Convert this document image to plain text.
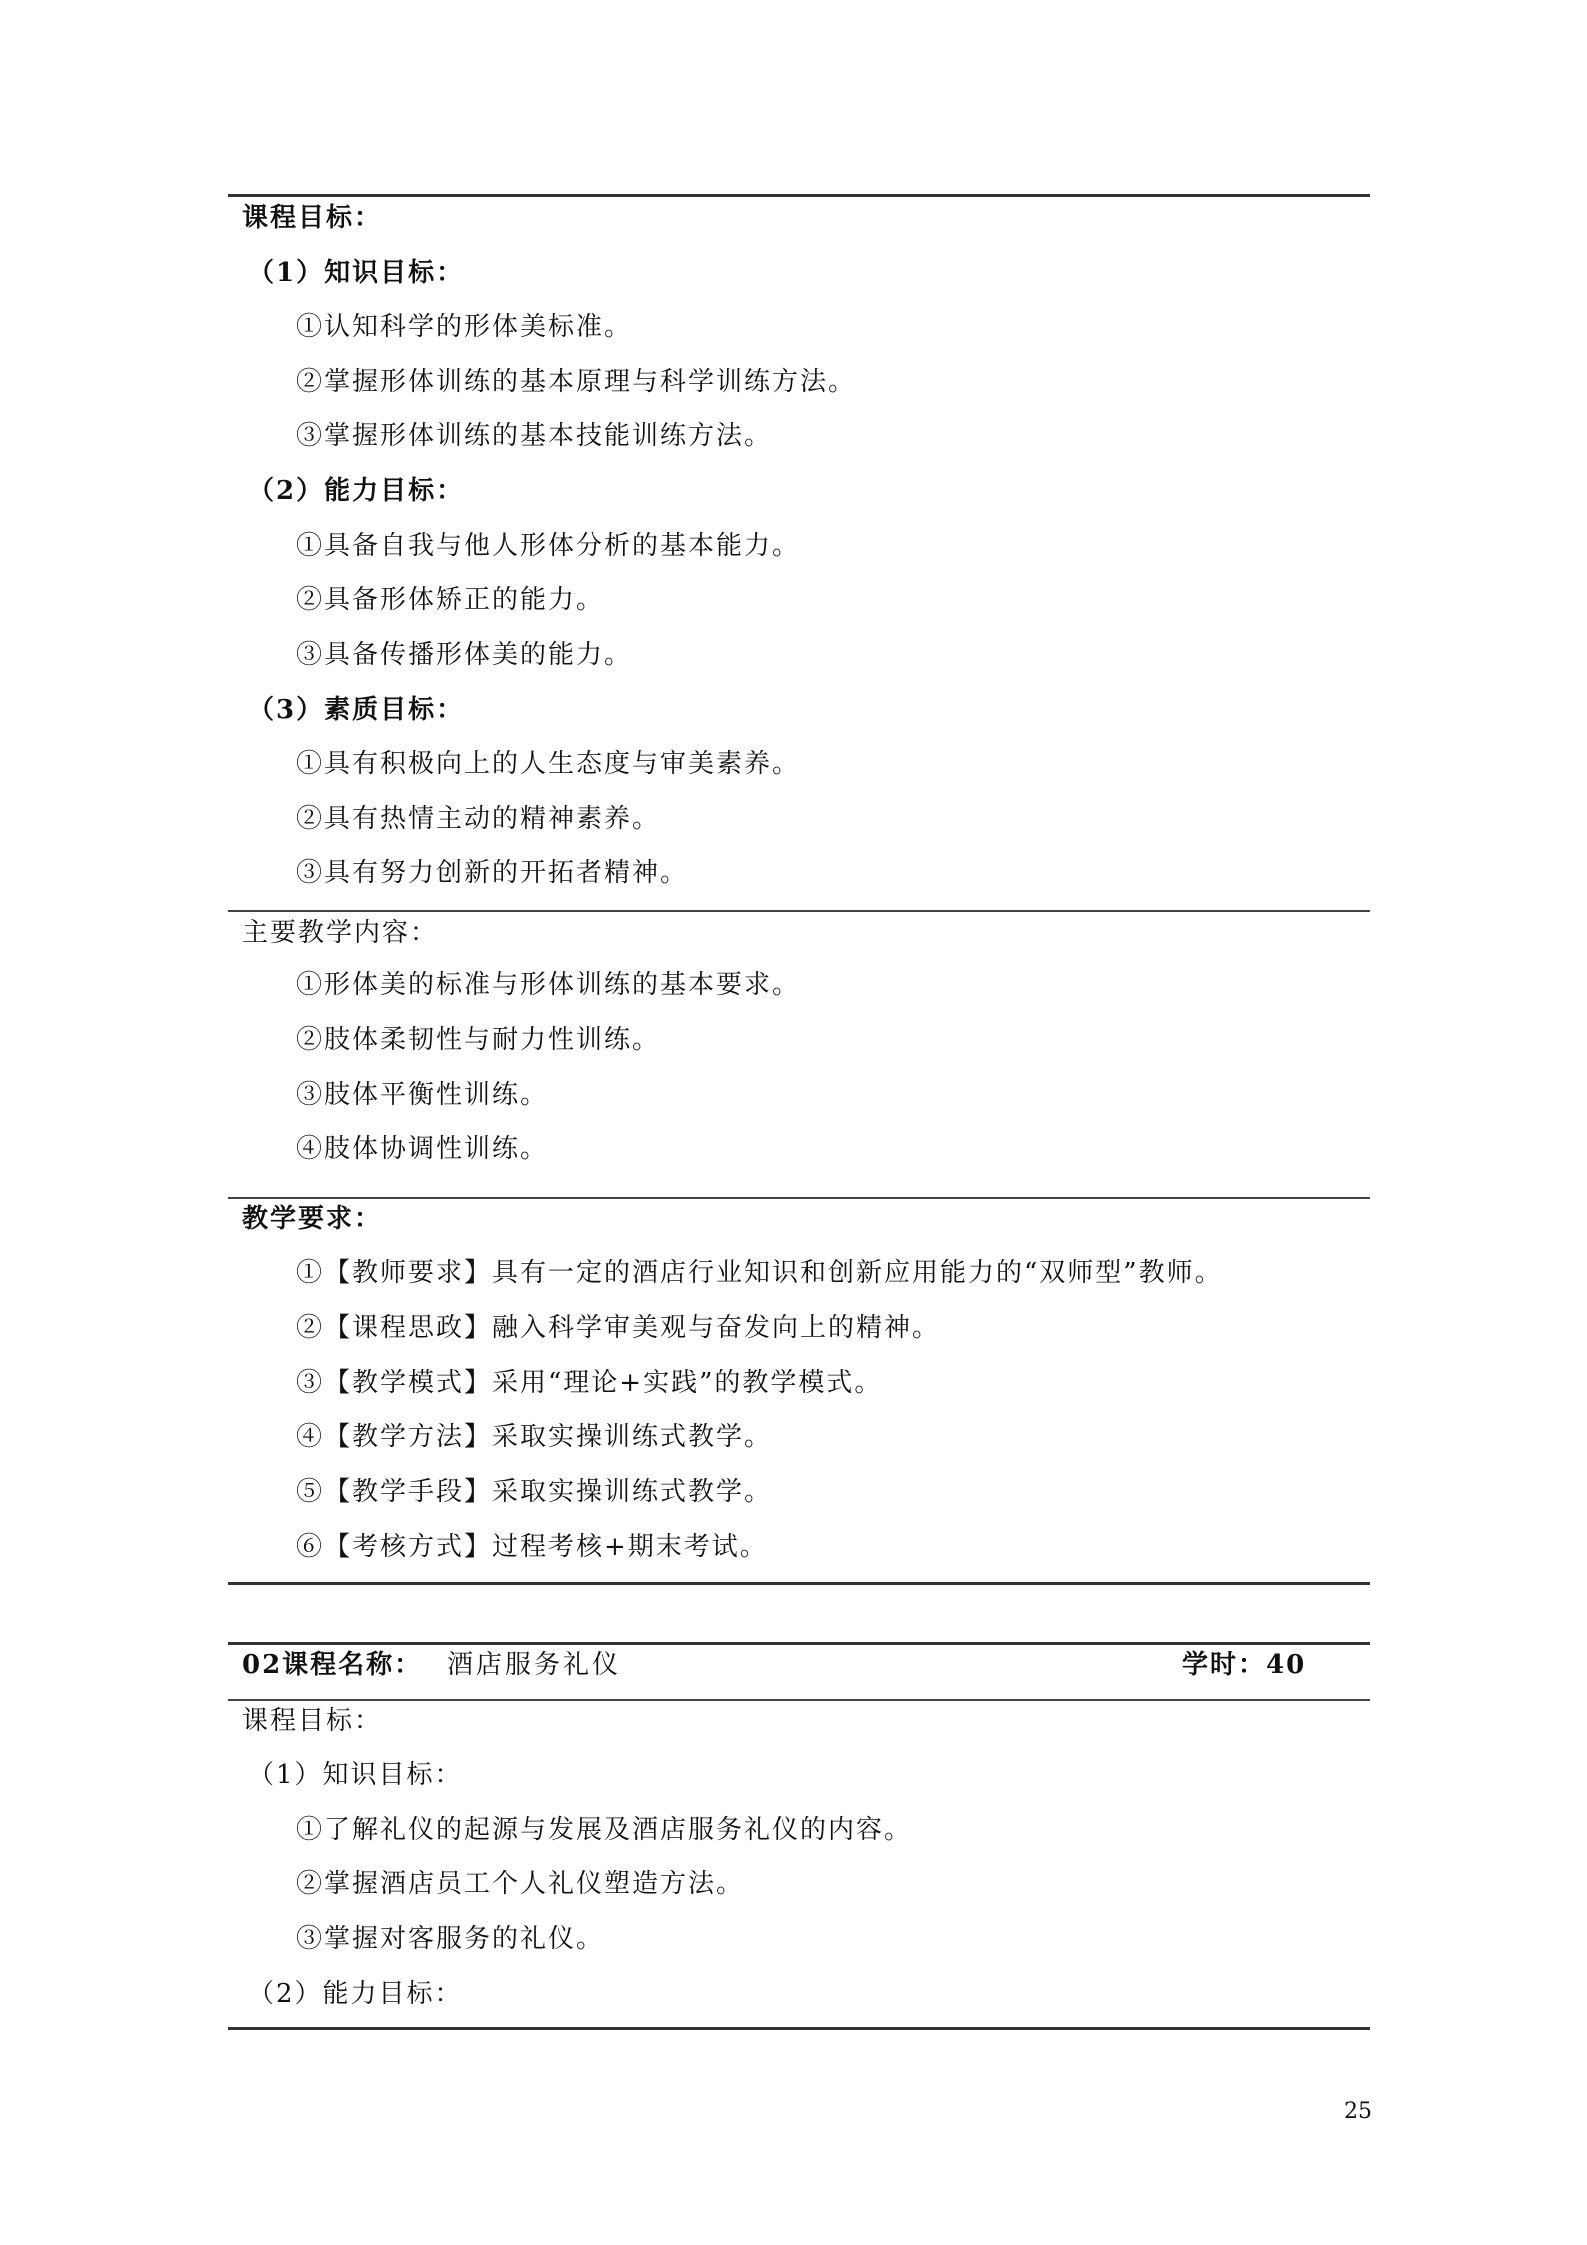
课程目标：
（1）知识目标：
①认知科学的形体美标准。
②掌握形体训练的基本原理与科学训练方法。
③掌握形体训练的基本技能训练方法。
（2）能力目标：
①具备自我与他人形体分析的基本能力。
②具备形体矫正的能力。
③具备传播形体美的能力。
（3）素质目标：
①具有积极向上的人生态度与审美素养。
②具有热情主动的精神素养。
③具有努力创新的开拓者精神。
主要教学内容：
①形体美的标准与形体训练的基本要求。
②肢体柔韧性与耐力性训练。
③肢体平衡性训练。
④肢体协调性训练。
教学要求：
①【教师要求】具有一定的酒店行业知识和创新应用能力的“双师型”教师。
②【课程思政】融入科学审美观与奋发向上的精神。
③【教学模式】采用“理论+实践”的教学模式。
④【教学方法】采取实操训练式教学。
⑤【教学手段】采取实操训练式教学。
⑥【考核方式】过程考核+期末考试。
02课程名称： 酒店服务礼仪	学时：40
课程目标：
（1）知识目标：
①了解礼仪的起源与发展及酒店服务礼仪的内容。
②掌握酒店员工个人礼仪塑造方法。
③掌握对客服务的礼仪。
（2）能力目标：
25
